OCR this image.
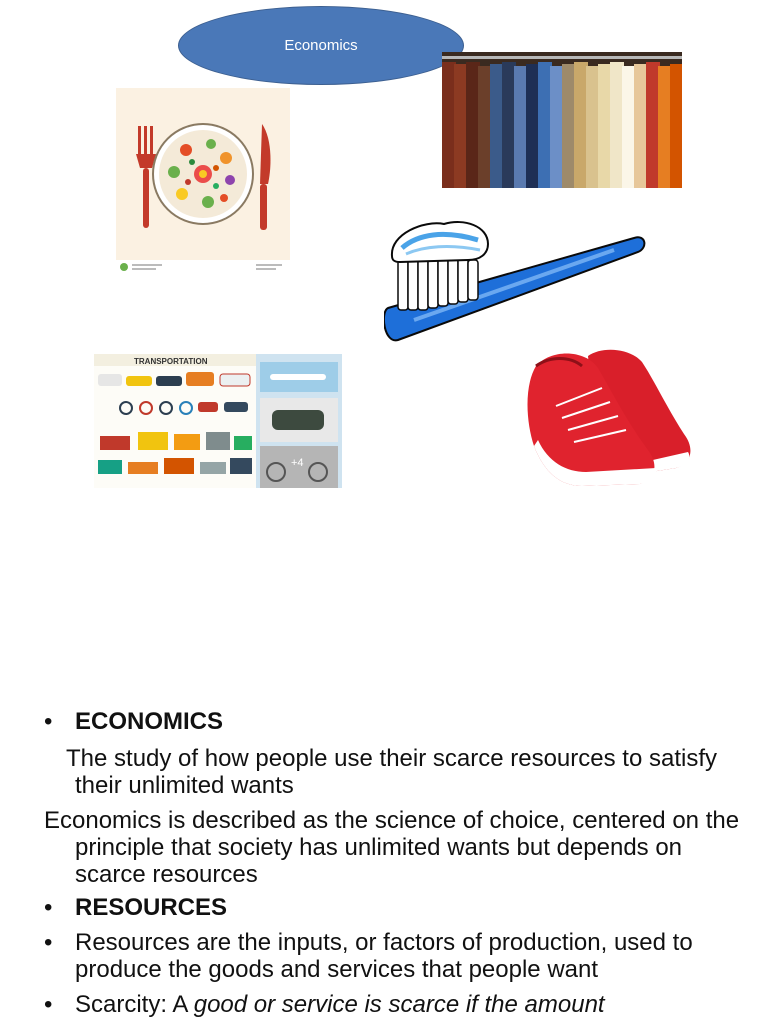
Economics
TRANSPORTATION
+4
• ECONOMICS
The study of how people use their scarce resources to satisfy their unlimited wants
Economics is described as the science of choice, centered on the principle that society has unlimited wants but depends on scarce resources
• RESOURCES
• Resources are the inputs, or factors of production, used to produce the goods and services that people want
• Scarcity: A good or service is scarce if the amount
